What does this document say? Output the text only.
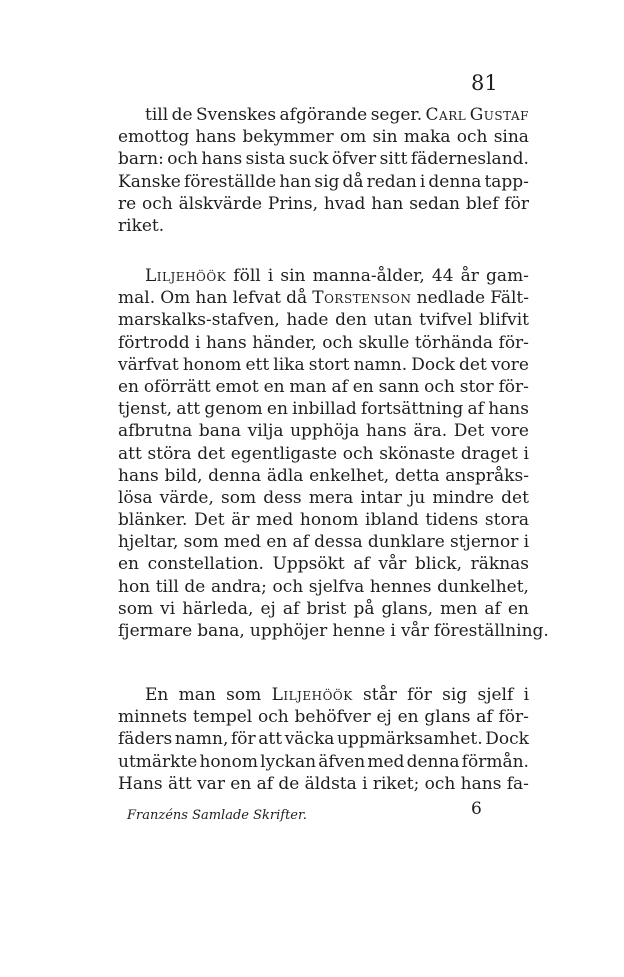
81
till de Svenskes afgörande seger. Carl Gustaf
emottog hans bekymmer om sin maka och sina
barn: och hans sista suck öfver sitt fädernesland.
Kanske föreställde han sig då redan i denna tapp-
re och älskvärde Prins, hvad han sedan blef för
riket.
Liljehöök föll i sin manna-ålder, 44 år gam-
mal. Om han lefvat då Torstenson nedlade Fält-
marskalks-stafven, hade den utan tvifvel blifvit
förtrodd i hans händer, och skulle törhända för-
värfvat honom ett lika stort namn. Dock det vore
en oförrätt emot en man af en sann och stor för-
tjenst, att genom en inbillad fortsättning af hans
afbrutna bana vilja upphöja hans ära. Det vore
att störa det egentligaste och skönaste draget i
hans bild, denna ädla enkelhet, detta anspråks-
lösa värde, som dess mera intar ju mindre det
blänker. Det är med honom ibland tidens stora
hjeltar, som med en af dessa dunklare stjernor i
en constellation. Uppsökt af vår blick, räknas
hon till de andra; och sjelfva hennes dunkelhet,
som vi härleda, ej af brist på glans, men af en
fjermare bana, upphöjer henne i vår föreställning.
En man som Liljehöök står för sig sjelf i
minnets tempel och behöfver ej en glans af för-
fäders namn, för att väcka uppmärksamhet. Dock
utmärkte honom lyckan äfven med denna förmån.
Hans ätt var en af de äldsta i riket; och hans fa-
Franzéns Samlade Skrifter.	6
